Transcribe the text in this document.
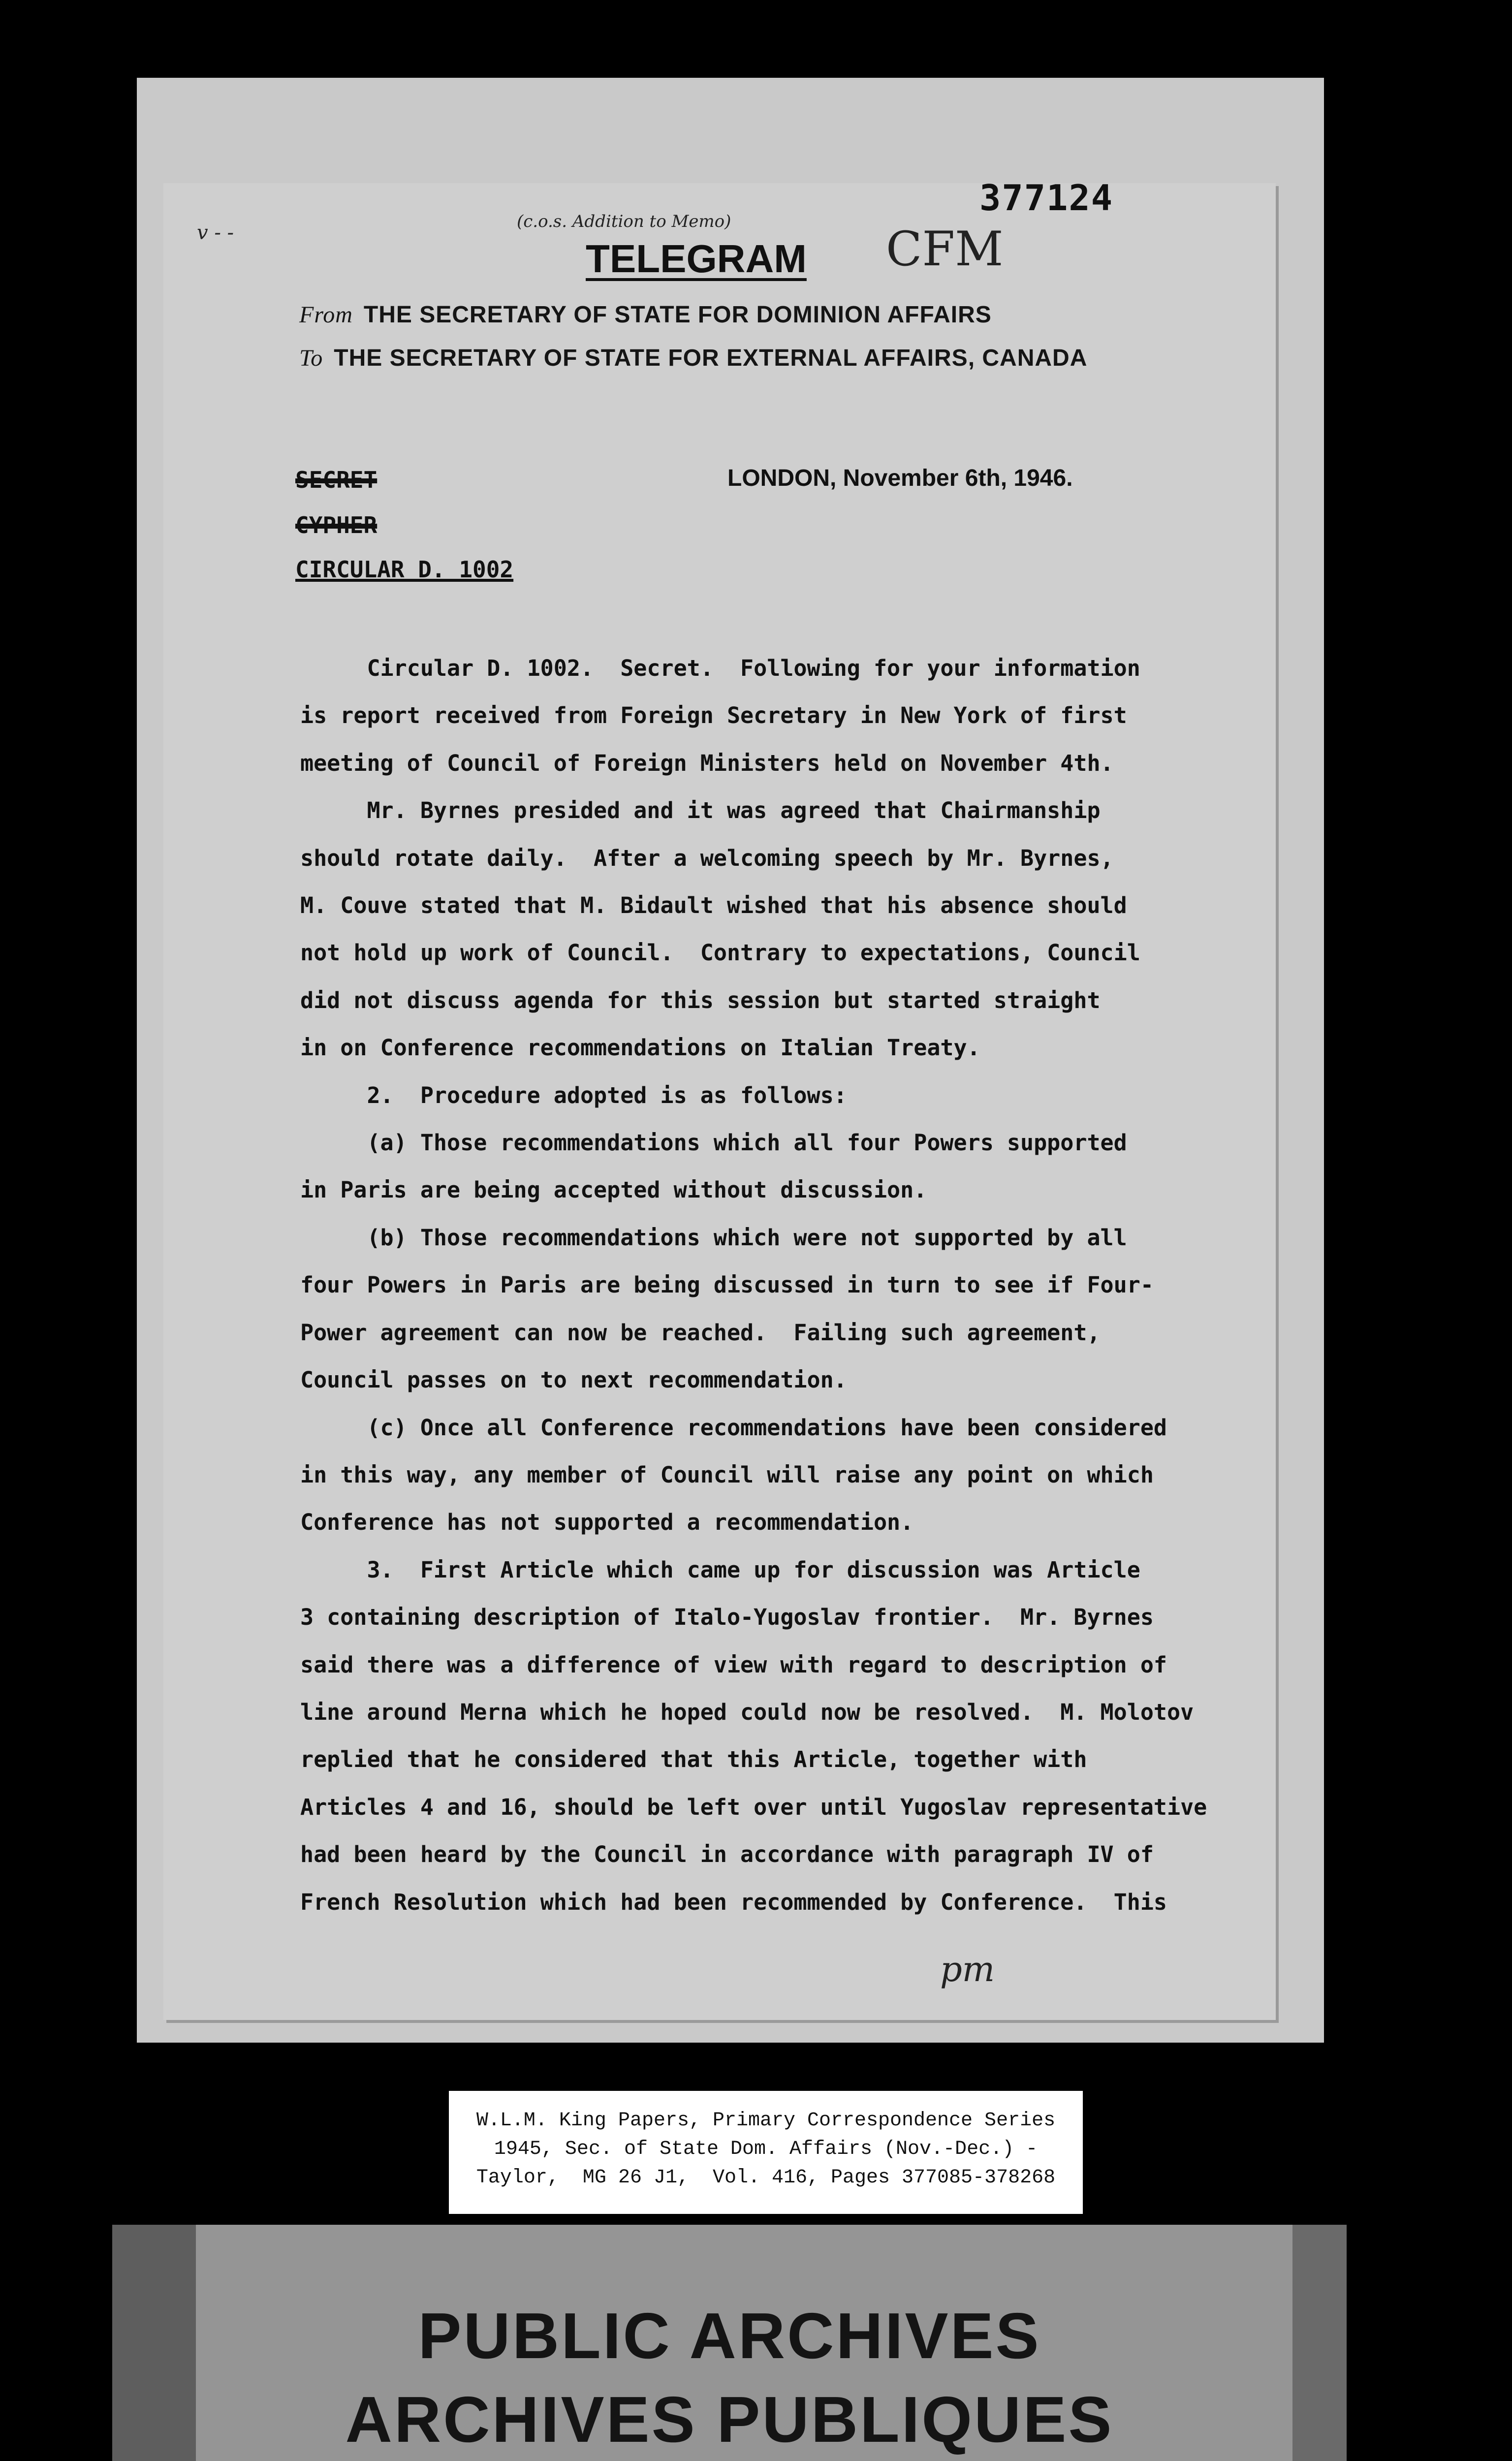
v - -	(c.o.s. Addition to Memo)
377124
CFM
TELEGRAM
From THE SECRETARY OF STATE FOR DOMINION AFFAIRS
To THE SECRETARY OF STATE FOR EXTERNAL AFFAIRS, CANADA
SECRET
CYPHER
CIRCULAR D. 1002
LONDON, November 6th, 1946.
Circular D. 1002.  Secret.  Following for your information
is report received from Foreign Secretary in New York of first
meeting of Council of Foreign Ministers held on November 4th.
Mr. Byrnes presided and it was agreed that Chairmanship
should rotate daily.  After a welcoming speech by Mr. Byrnes,
M. Couve stated that M. Bidault wished that his absence should
not hold up work of Council.  Contrary to expectations, Council
did not discuss agenda for this session but started straight
in on Conference recommendations on Italian Treaty.
2.  Procedure adopted is as follows:
(a) Those recommendations which all four Powers supported
in Paris are being accepted without discussion.
(b) Those recommendations which were not supported by all
four Powers in Paris are being discussed in turn to see if Four-
Power agreement can now be reached.  Failing such agreement,
Council passes on to next recommendation.
(c) Once all Conference recommendations have been considered
in this way, any member of Council will raise any point on which
Conference has not supported a recommendation.
3.  First Article which came up for discussion was Article
3 containing description of Italo-Yugoslav frontier.  Mr. Byrnes
said there was a difference of view with regard to description of
line around Merna which he hoped could now be resolved.  M. Molotov
replied that he considered that this Article, together with
Articles 4 and 16, should be left over until Yugoslav representative
had been heard by the Council in accordance with paragraph IV of
French Resolution which had been recommended by Conference.  This
pm
W.L.M. King Papers, Primary Correspondence Series
1945, Sec. of State Dom. Affairs (Nov.-Dec.) -
Taylor,  MG 26 J1,  Vol. 416, Pages 377085-378268
PUBLIC ARCHIVES
ARCHIVES PUBLIQUES
